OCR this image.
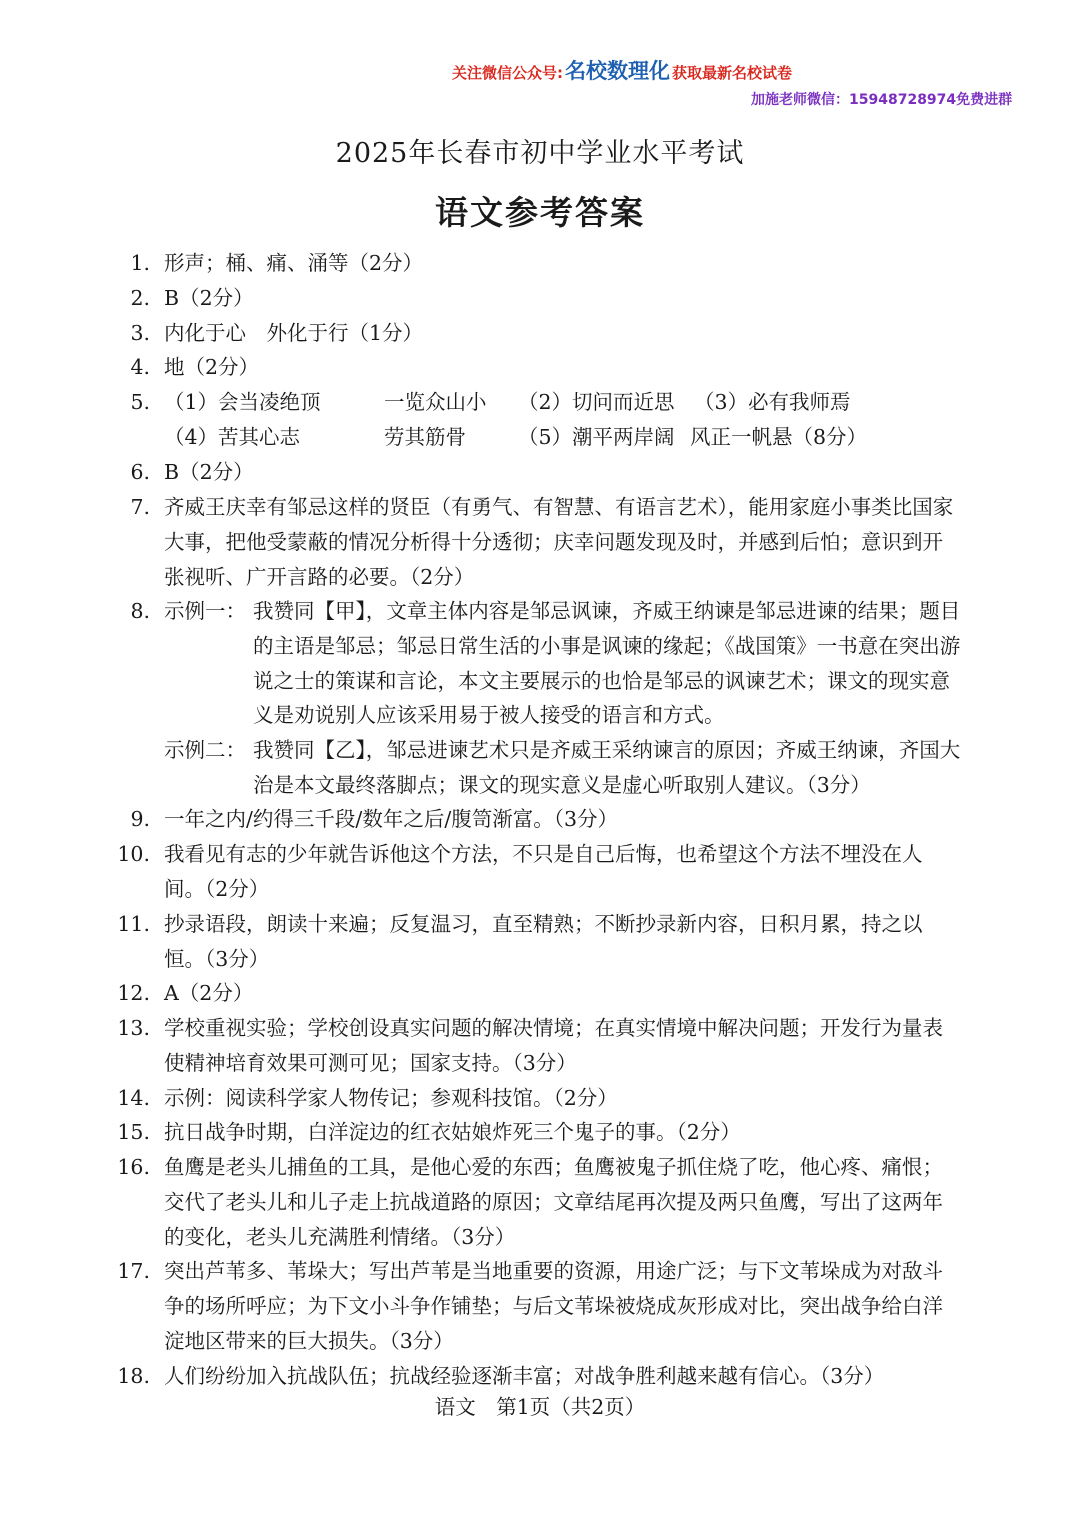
关注微信公众号:名校数理化 获取最新名校试卷
加施老师微信：15948728974免费进群
2025年长春市初中学业水平考试
语文参考答案
1. 形声；桶、痛、涌等（2分）
2. B（2分）
3. 内化于心　外化于行（1分）
4. 地（2分）
5. （1）会当凌绝顶	一览众山小 （2）切问而近思 （3）必有我师焉
（4）苦其心志	劳其筋骨	（5）潮平两岸阔 风正一帆悬（8分）
6. B（2分）
7. 齐威王庆幸有邹忌这样的贤臣（有勇气、有智慧、有语言艺术），能用家庭小事类比国家大事，把他受蒙蔽的情况分析得十分透彻；庆幸问题发现及时，并感到后怕；意识到开张视听、广开言路的必要。（2分）
8. 示例一： 我赞同【甲】，文章主体内容是邹忌讽谏，齐威王纳谏是邹忌进谏的结果；题目的主语是邹忌；邹忌日常生活的小事是讽谏的缘起；《战国策》一书意在突出游说之士的策谋和言论，本文主要展示的也恰是邹忌的讽谏艺术；课文的现实意义是劝说别人应该采用易于被人接受的语言和方式。
示例二： 我赞同【乙】，邹忌进谏艺术只是齐威王采纳谏言的原因；齐威王纳谏，齐国大治是本文最终落脚点；课文的现实意义是虚心听取别人建议。（3分）
9. 一年之内/约得三千段/数年之后/腹笥渐富。（3分）
10. 我看见有志的少年就告诉他这个方法，不只是自己后悔，也希望这个方法不埋没在人间。（2分）
11. 抄录语段，朗读十来遍；反复温习，直至精熟；不断抄录新内容，日积月累，持之以恒。（3分）
12. A（2分）
13. 学校重视实验；学校创设真实问题的解决情境；在真实情境中解决问题；开发行为量表使精神培育效果可测可见；国家支持。（3分）
14. 示例：阅读科学家人物传记；参观科技馆。（2分）
15. 抗日战争时期，白洋淀边的红衣姑娘炸死三个鬼子的事。（2分）
16. 鱼鹰是老头儿捕鱼的工具，是他心爱的东西；鱼鹰被鬼子抓住烧了吃，他心疼、痛恨；交代了老头儿和儿子走上抗战道路的原因；文章结尾再次提及两只鱼鹰，写出了这两年的变化，老头儿充满胜利情绪。（3分）
17. 突出芦苇多、苇垛大；写出芦苇是当地重要的资源，用途广泛；与下文苇垛成为对敌斗争的场所呼应；为下文小斗争作铺垫；与后文苇垛被烧成灰形成对比，突出战争给白洋淀地区带来的巨大损失。（3分）
18. 人们纷纷加入抗战队伍；抗战经验逐渐丰富；对战争胜利越来越有信心。（3分）
语文　第1页（共2页）
